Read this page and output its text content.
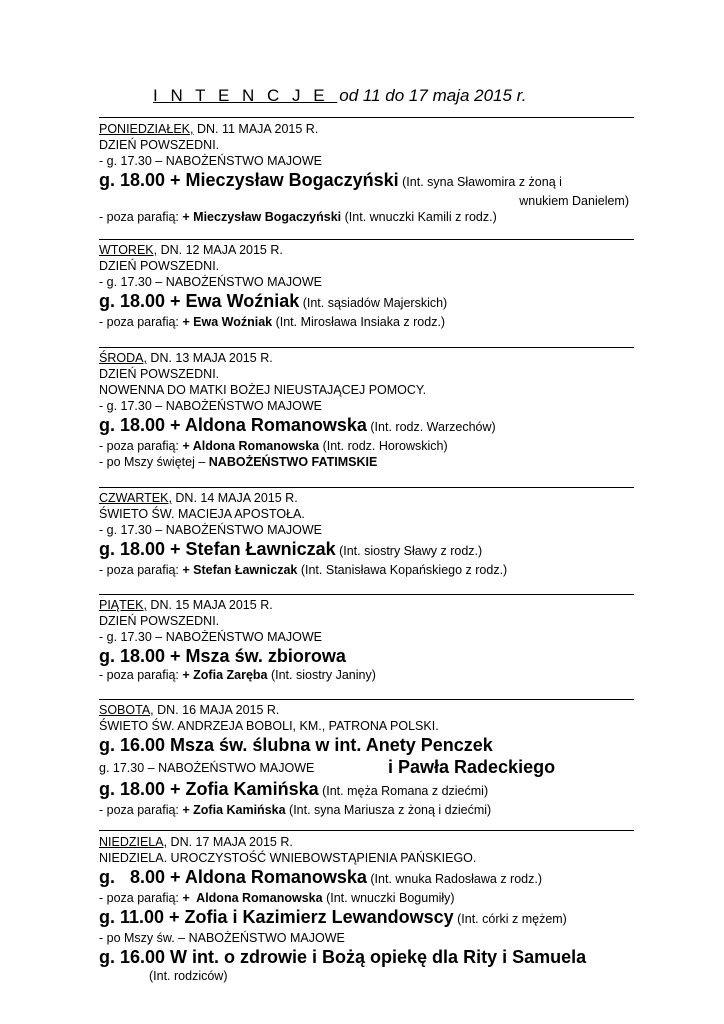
I N T E N C J E od 11 do 17 maja 2015 r.
PONIEDZIAŁEK, DN. 11 MAJA 2015 R.
DZIEŃ POWSZEDNI.
- g. 17.30 – NABOŻEŃSTWO MAJOWE
g. 18.00 + Mieczysław Bogaczyński (Int. syna Sławomira z żoną i
wnukiem Danielem)
- poza parafią: + Mieczysław Bogaczyński (Int. wnuczki Kamili z rodz.)
WTOREK, DN. 12 MAJA 2015 R.
DZIEŃ POWSZEDNI.
- g. 17.30 – NABOŻEŃSTWO MAJOWE
g. 18.00 + Ewa Woźniak (Int. sąsiadów Majerskich)
- poza parafią: + Ewa Woźniak (Int. Mirosława Insiaka z rodz.)
ŚRODA, DN. 13 MAJA 2015 R.
DZIEŃ POWSZEDNI.
NOWENNA DO MATKI BOŻEJ NIEUSTAJĄCEJ POMOCY.
- g. 17.30 – NABOŻEŃSTWO MAJOWE
g. 18.00 + Aldona Romanowska (Int. rodz. Warzechów)
- poza parafią: + Aldona Romanowska (Int. rodz. Horowskich)
- po Mszy świętej – NABOŻEŃSTWO FATIMSKIE
CZWARTEK, DN. 14 MAJA 2015 R.
ŚWIETO ŚW. MACIEJA APOSTOŁA.
- g. 17.30 – NABOŻEŃSTWO MAJOWE
g. 18.00 + Stefan Ławniczak (Int. siostry Sławy z rodz.)
- poza parafią: + Stefan Ławniczak (Int. Stanisława Kopańskiego z rodz.)
PIĄTEK, DN. 15 MAJA 2015 R.
DZIEŃ POWSZEDNI.
- g. 17.30 – NABOŻEŃSTWO MAJOWE
g. 18.00 + Msza św. zbiorowa
- poza parafią: + Zofia Zaręba (Int. siostry Janiny)
SOBOTA, DN. 16 MAJA 2015 R.
ŚWIETO ŚW. ANDRZEJA BOBOLI, KM., PATRONA POLSKI.
g. 16.00 Msza św. ślubna w int. Anety Penczek
g. 17.30 – NABOŻEŃSTWO MAJOWE	i Pawła Radeckiego
g. 18.00 + Zofia Kamińska (Int. męża Romana z dziećmi)
- poza parafią: + Zofia Kamińska (Int. syna Mariusza z żoną i dziećmi)
NIEDZIELA, DN. 17 MAJA 2015 R.
NIEDZIELA. UROCZYSTOŚĆ WNIEBOWSTĄPIENIA PAŃSKIEGO.
g.   8.00 + Aldona Romanowska (Int. wnuka Radosława z rodz.)
- poza parafią: +  Aldona Romanowska (Int. wnuczki Bogumiły)
g. 11.00 + Zofia i Kazimierz Lewandowscy (Int. córki z mężem)
- po Mszy św. – NABOŻEŃSTWO MAJOWE
g. 16.00 W int. o zdrowie i Bożą opiekę dla Rity i Samuela
(Int. rodziców)
